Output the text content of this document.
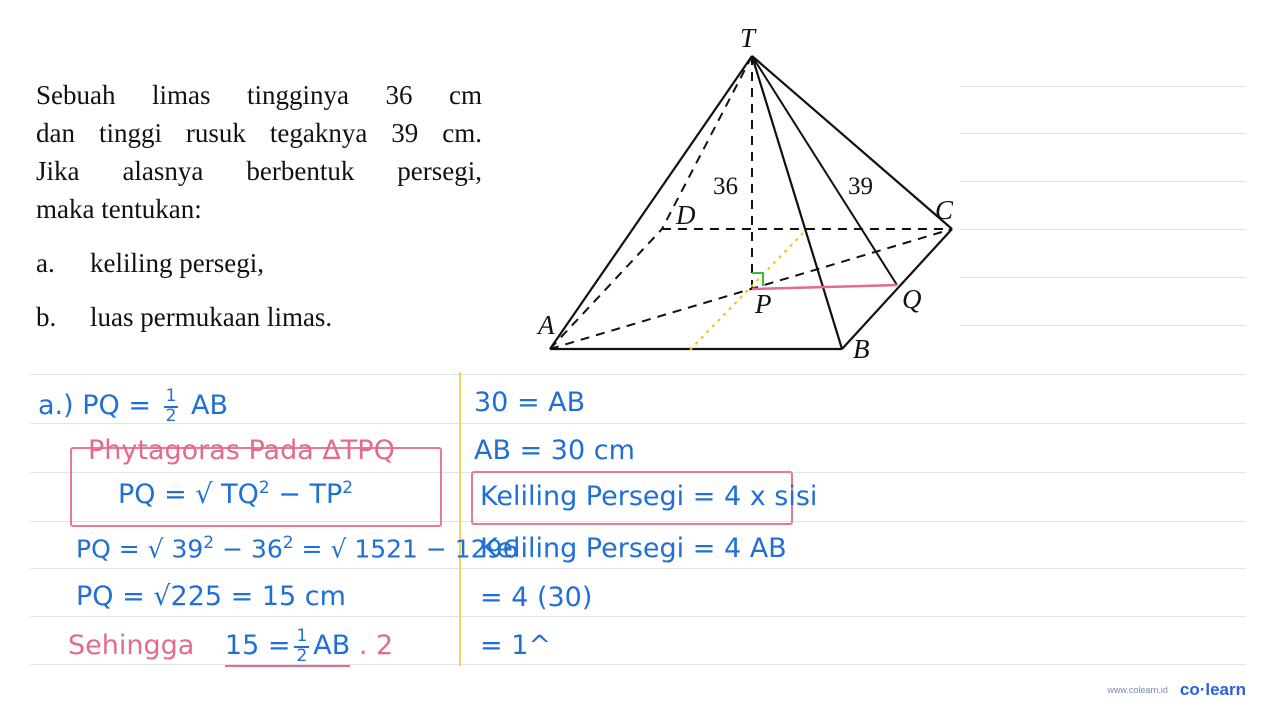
Sebuah limas tingginya 36 cm
dan tinggi rusuk tegaknya 39 cm.
Jika alasnya berbentuk persegi,
maka tentukan:
a.	keliling persegi,
b.	luas permukaan limas.
T
C
D
A
B
P	Q
36	39
a.) PQ = $\frac{1}{2}$ AB
Phytagoras Pada ΔTPQ
PQ = √ $TQ^2 - TP^2$
PQ = √ $39^2 - 36^2$ = √ 1521 − 1296
PQ = √225 = 15 cm
Sehingga $15 = \frac{1}{2}$ AB . 2
30 = AB
AB = 30 cm
Keliling Persegi = 4 x sisi
Keliling Persegi = 4 AB
= 4 (30)
= 1^
www.colearn.id co·learn
